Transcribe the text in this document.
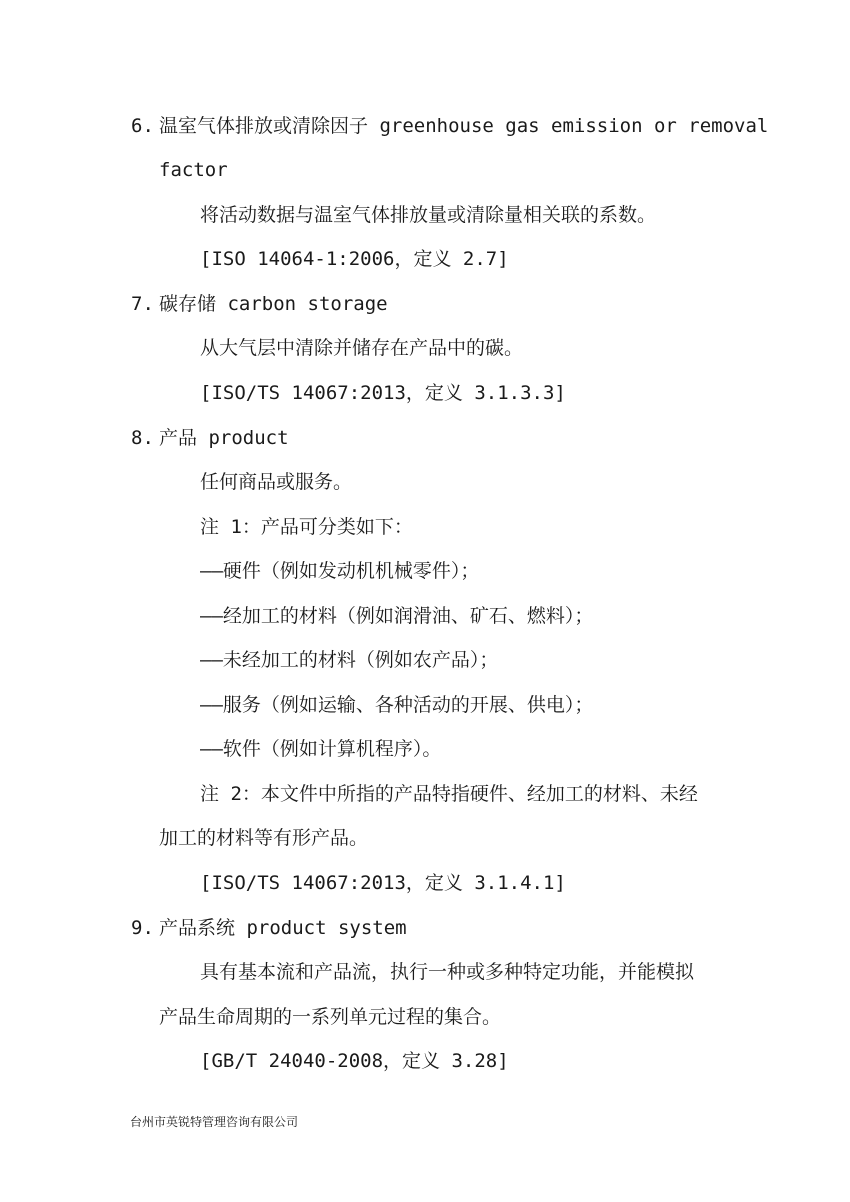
6. 温室气体排放或清除因子 greenhouse gas emission or removal
factor
将活动数据与温室气体排放量或清除量相关联的系数。
[ISO 14064-1:2006，定义 2.7]
7. 碳存储 carbon storage
从大气层中清除并储存在产品中的碳。
[ISO/TS 14067:2013，定义 3.1.3.3]
8. 产品 product
任何商品或服务。
注 1：产品可分类如下：
——硬件（例如发动机机械零件）；
——经加工的材料（例如润滑油、矿石、燃料）；
——未经加工的材料（例如农产品）；
——服务（例如运输、各种活动的开展、供电）；
——软件（例如计算机程序）。
注 2：本文件中所指的产品特指硬件、经加工的材料、未经
加工的材料等有形产品。
[ISO/TS 14067:2013，定义 3.1.4.1]
9. 产品系统 product system
具有基本流和产品流，执行一种或多种特定功能，并能模拟
产品生命周期的一系列单元过程的集合。
[GB/T 24040-2008，定义 3.28]
台州市英锐特管理咨询有限公司
